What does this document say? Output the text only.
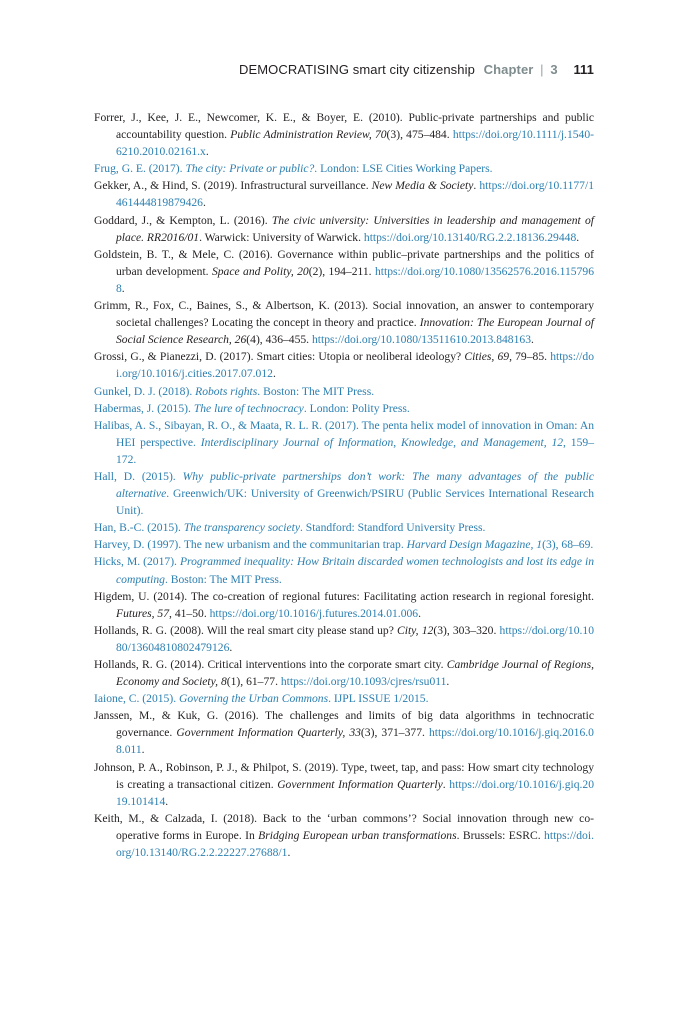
DEMOCRATISING smart city citizenship Chapter | 3 111

Forrer, J., Kee, J. E., Newcomer, K. E., & Boyer, E. (2010). Public-private partnerships and public accountability question. Public Administration Review, 70(3), 475–484. https://doi.org/10.1111/j.1540-6210.2010.02161.x.

Frug, G. E. (2017). The city: Private or public?. London: LSE Cities Working Papers.

Gekker, A., & Hind, S. (2019). Infrastructural surveillance. New Media & Society. https://doi.org/10.1177/1461444819879426.

Goddard, J., & Kempton, L. (2016). The civic university: Universities in leadership and management of place. RR2016/01. Warwick: University of Warwick. https://doi.org/10.13140/RG.2.2.18136.29448.

Goldstein, B. T., & Mele, C. (2016). Governance within public–private partnerships and the politics of urban development. Space and Polity, 20(2), 194–211. https://doi.org/10.1080/13562576.2016.1157968.

Grimm, R., Fox, C., Baines, S., & Albertson, K. (2013). Social innovation, an answer to contemporary societal challenges? Locating the concept in theory and practice. Innovation: The European Journal of Social Science Research, 26(4), 436–455. https://doi.org/10.1080/13511610.2013.848163.

Grossi, G., & Pianezzi, D. (2017). Smart cities: Utopia or neoliberal ideology? Cities, 69, 79–85. https://doi.org/10.1016/j.cities.2017.07.012.

Gunkel, D. J. (2018). Robots rights. Boston: The MIT Press.

Habermas, J. (2015). The lure of technocracy. London: Polity Press.

Halibas, A. S., Sibayan, R. O., & Maata, R. L. R. (2017). The penta helix model of innovation in Oman: An HEI perspective. Interdisciplinary Journal of Information, Knowledge, and Management, 12, 159–172.

Hall, D. (2015). Why public-private partnerships don’t work: The many advantages of the public alternative. Greenwich/UK: University of Greenwich/PSIRU (Public Services International Research Unit).

Han, B.-C. (2015). The transparency society. Standford: Standford University Press.

Harvey, D. (1997). The new urbanism and the communitarian trap. Harvard Design Magazine, 1(3), 68–69.

Hicks, M. (2017). Programmed inequality: How Britain discarded women technologists and lost its edge in computing. Boston: The MIT Press.

Higdem, U. (2014). The co-creation of regional futures: Facilitating action research in regional foresight. Futures, 57, 41–50. https://doi.org/10.1016/j.futures.2014.01.006.

Hollands, R. G. (2008). Will the real smart city please stand up? City, 12(3), 303–320. https://doi.org/10.1080/13604810802479126.

Hollands, R. G. (2014). Critical interventions into the corporate smart city. Cambridge Journal of Regions, Economy and Society, 8(1), 61–77. https://doi.org/10.1093/cjres/rsu011.

Iaione, C. (2015). Governing the Urban Commons. IJPL ISSUE 1/2015.

Janssen, M., & Kuk, G. (2016). The challenges and limits of big data algorithms in technocratic governance. Government Information Quarterly, 33(3), 371–377. https://doi.org/10.1016/j.giq.2016.08.011.

Johnson, P. A., Robinson, P. J., & Philpot, S. (2019). Type, tweet, tap, and pass: How smart city technology is creating a transactional citizen. Government Information Quarterly. https://doi.org/10.1016/j.giq.2019.101414.

Keith, M., & Calzada, I. (2018). Back to the ‘urban commons’? Social innovation through new co-operative forms in Europe. In Bridging European urban transformations. Brussels: ESRC. https://doi.org/10.13140/RG.2.2.22227.27688/1.
